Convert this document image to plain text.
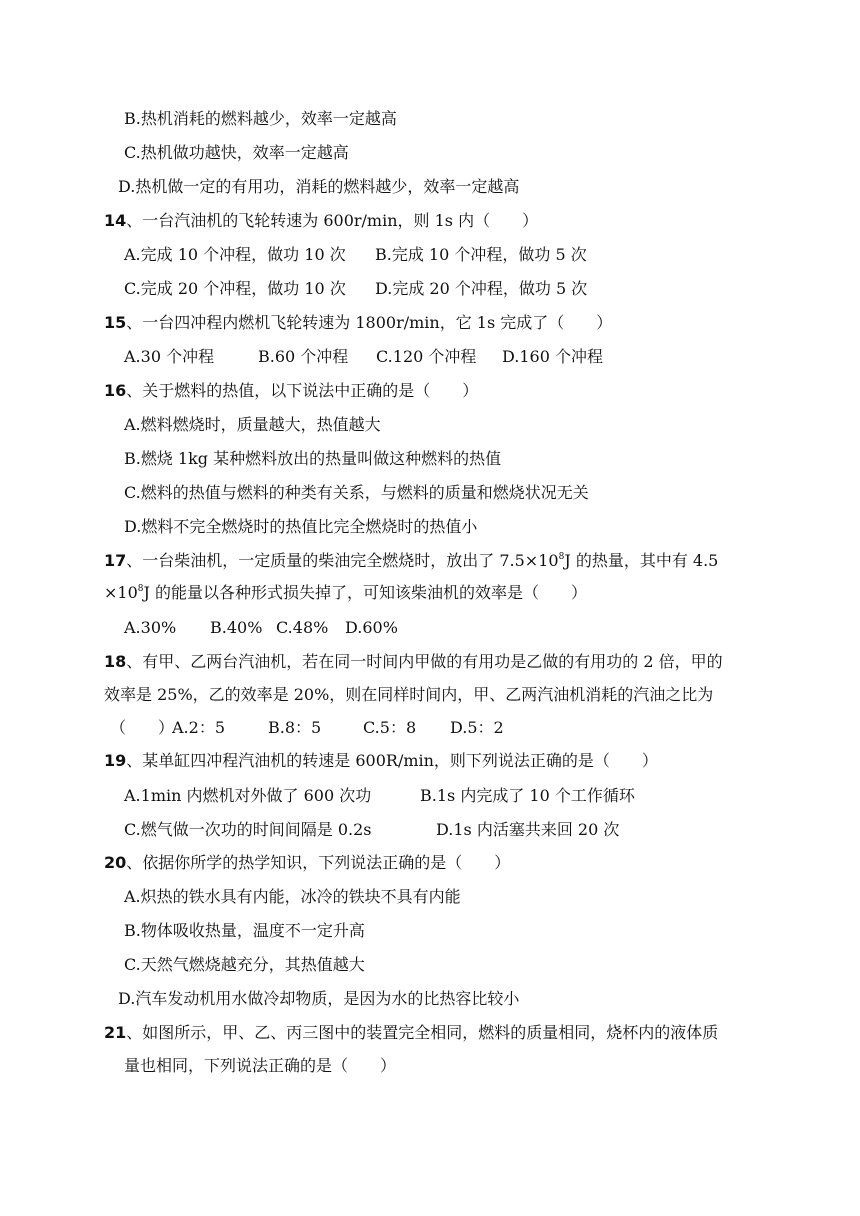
B.热机消耗的燃料越少，效率一定越高
C.热机做功越快，效率一定越高
D.热机做一定的有用功，消耗的燃料越少，效率一定越高
14、一台汽油机的飞轮转速为 600r/min，则 1s 内（　　）
A.完成 10 个冲程，做功 10 次 B.完成 10 个冲程，做功 5 次
C.完成 20 个冲程，做功 10 次 D.完成 20 个冲程，做功 5 次
15、一台四冲程内燃机飞轮转速为 1800r/min，它 1s 完成了（　　）
A.30 个冲程	B.60 个冲程 C.120 个冲程 D.160 个冲程
16、关于燃料的热值，以下说法中正确的是（　　）
A.燃料燃烧时，质量越大，热值越大
B.燃烧 1kg 某种燃料放出的热量叫做这种燃料的热值
C.燃料的热值与燃料的种类有关系，与燃料的质量和燃烧状况无关
D.燃料不完全燃烧时的热值比完全燃烧时的热值小
17、一台柴油机，一定质量的柴油完全燃烧时，放出了 $7.5\times 10^8J$ 的热量，其中有 4.5
$\times 10^8J$ 的能量以各种形式损失掉了，可知该柴油机的效率是（　　）
A.30% B.40% C.48% D.60%
18、有甲、乙两台汽油机，若在同一时间内甲做的有用功是乙做的有用功的 2 倍，甲的
效率是 25%，乙的效率是 20%，则在同样时间内，甲、乙两汽油机消耗的汽油之比为
（　　）
A.2：5	B.8：5	C.5：8 D.5：2
19、某单缸四冲程汽油机的转速是 600R/min，则下列说法正确的是（　　）
A.1min 内燃机对外做了 600 次功	B.1s 内完成了 10 个工作循环
C.燃气做一次功的时间间隔是 0.2s	D.1s 内活塞共来回 20 次
20、依据你所学的热学知识，下列说法正确的是（　　）
A.炽热的铁水具有内能，冰冷的铁块不具有内能
B.物体吸收热量，温度不一定升高
C.天然气燃烧越充分，其热值越大
D.汽车发动机用水做冷却物质，是因为水的比热容比较小
21、如图所示，甲、乙、丙三图中的装置完全相同，燃料的质量相同，烧杯内的液体质
量也相同，下列说法正确的是（　　）
